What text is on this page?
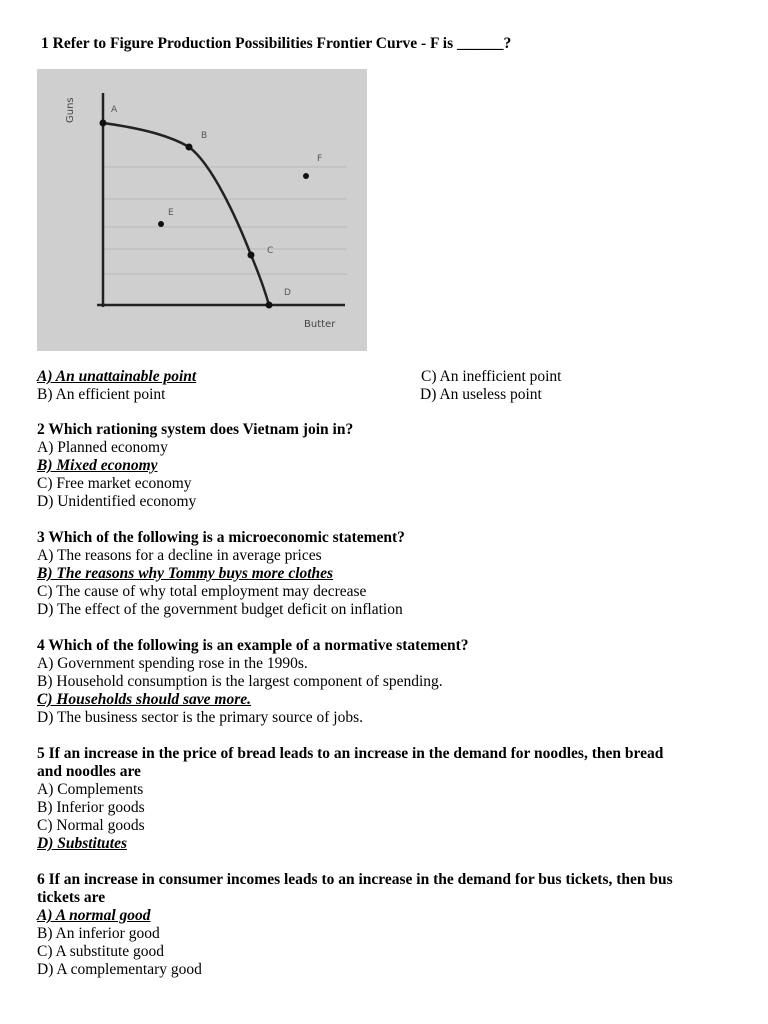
1 Refer to Figure Production Possibilities Frontier Curve - F is ______?
A
B
C
D
E
F
Guns
Butter
A) An unattainable point
B) An efficient point
C) An inefficient point
D) An useless point
2 Which rationing system does Vietnam join in?
A) Planned economy
B) Mixed economy
C) Free market economy
D) Unidentified economy
3 Which of the following is a microeconomic statement?
A) The reasons for a decline in average prices
B) The reasons why Tommy buys more clothes
C) The cause of why total employment may decrease
D) The effect of the government budget deficit on inflation
4 Which of the following is an example of a normative statement?
A) Government spending rose in the 1990s.
B) Household consumption is the largest component of spending.
C) Households should save more.
D) The business sector is the primary source of jobs.
5 If an increase in the price of bread leads to an increase in the demand for noodles, then bread
and noodles are
A) Complements
B) Inferior goods
C) Normal goods
D) Substitutes
6 If an increase in consumer incomes leads to an increase in the demand for bus tickets, then bus
tickets are
A) A normal good
B) An inferior good
C) A substitute good
D) A complementary good
